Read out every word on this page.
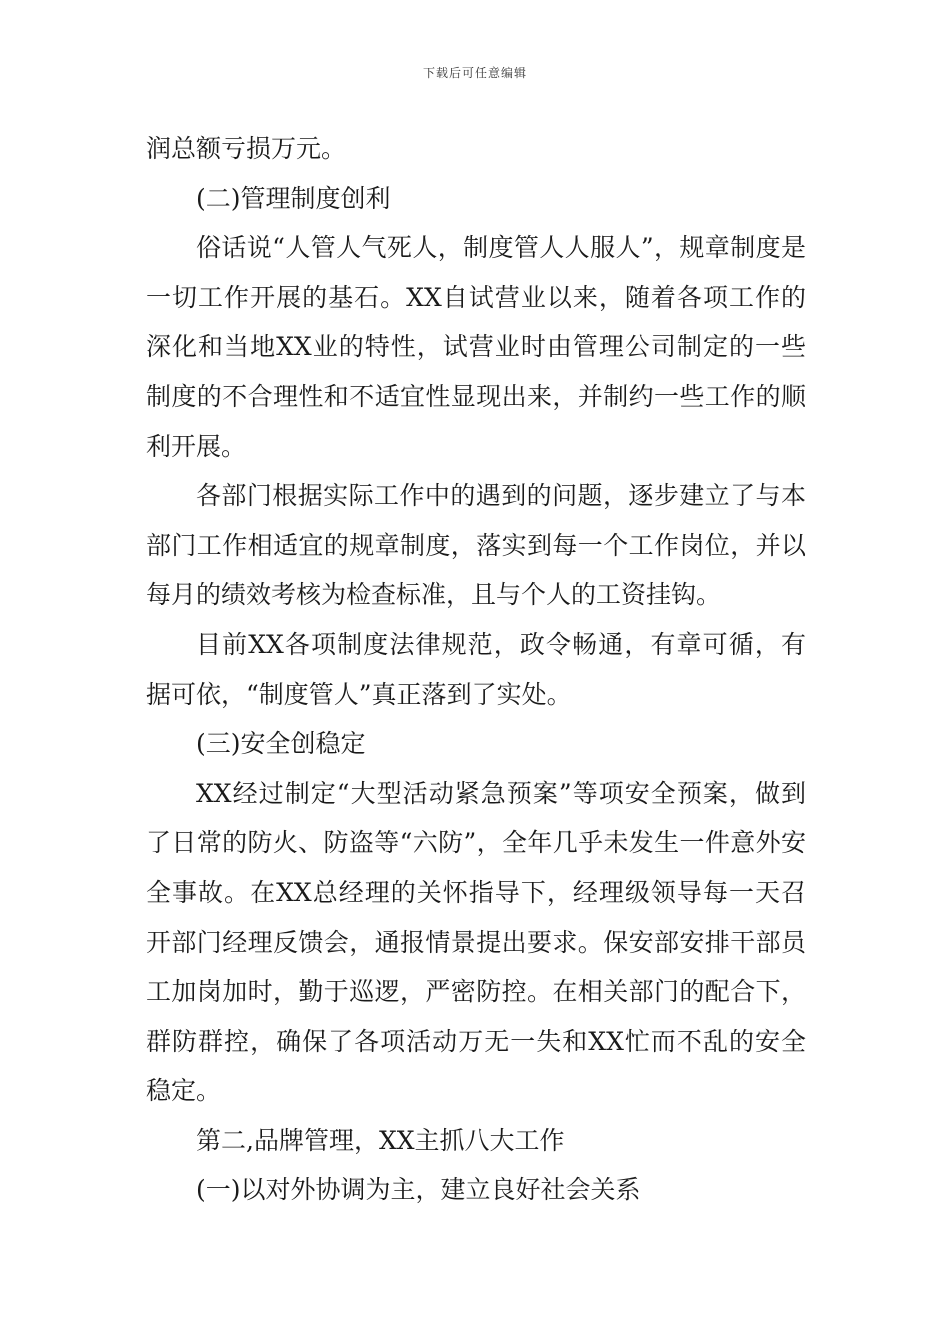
下载后可任意编辑

润总额亏损万元。

(二)管理制度创利

俗话说“人管人气死人，制度管人人服人”，规章制度是一切工作开展的基石。XX自试营业以来，随着各项工作的深化和当地XX业的特性，试营业时由管理公司制定的一些制度的不合理性和不适宜性显现出来，并制约一些工作的顺利开展。

各部门根据实际工作中的遇到的问题，逐步建立了与本部门工作相适宜的规章制度，落实到每一个工作岗位，并以每月的绩效考核为检查标准，且与个人的工资挂钩。

目前XX各项制度法律规范，政令畅通，有章可循，有据可依，“制度管人”真正落到了实处。

(三)安全创稳定

XX经过制定“大型活动紧急预案”等项安全预案，做到了日常的防火、防盗等“六防”，全年几乎未发生一件意外安全事故。在XX总经理的关怀指导下，经理级领导每一天召开部门经理反馈会，通报情景提出要求。保安部安排干部员工加岗加时，勤于巡逻，严密防控。在相关部门的配合下，群防群控，确保了各项活动万无一失和XX忙而不乱的安全稳定。

第二,品牌管理，XX主抓八大工作

(一)以对外协调为主，建立良好社会关系
